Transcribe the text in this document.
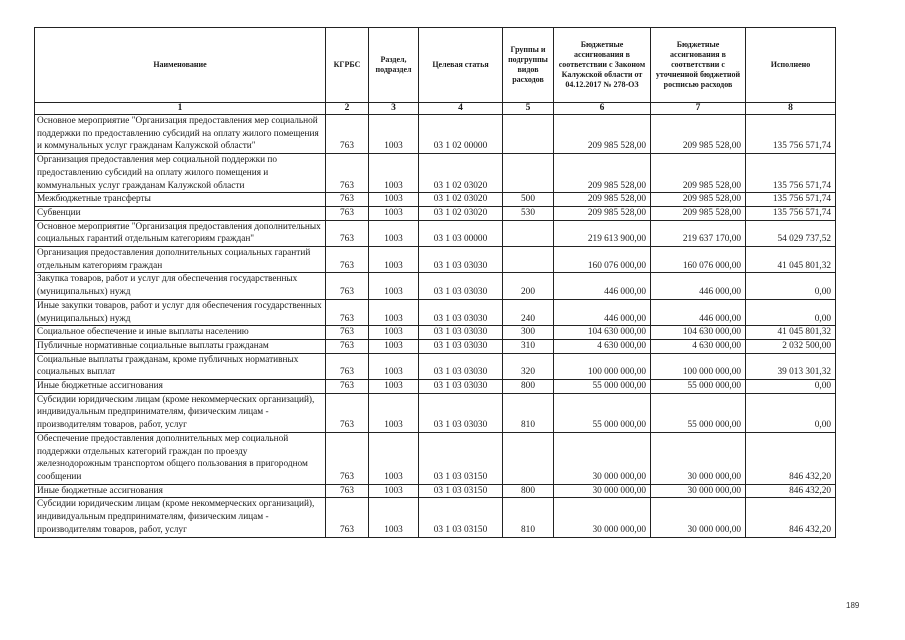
Наименование	КГРБС	Раздел, подраздел	Целевая статья	Группы и подгруппы видов расходов	Бюджетные ассигнования в соответствии с Законом Калужской области от 04.12.2017 № 278-ОЗ	Бюджетные ассигнования в соответствии с уточненной бюджетной росписью расходов	Исполнено
1	2	3	4	5	6	7	8
Основное мероприятие "Организация предоставления мер социальной поддержки по предоставлению субсидий на оплату жилого помещения и коммунальных услуг гражданам Калужской области"	763	1003	03 1 02 00000		209 985 528,00	209 985 528,00	135 756 571,74
Организация предоставления мер социальной поддержки по предоставлению субсидий на оплату жилого помещения и коммунальных услуг гражданам Калужской области	763	1003	03 1 02 03020		209 985 528,00	209 985 528,00	135 756 571,74
Межбюджетные трансферты	763	1003	03 1 02 03020	500	209 985 528,00	209 985 528,00	135 756 571,74
Субвенции	763	1003	03 1 02 03020	530	209 985 528,00	209 985 528,00	135 756 571,74
Основное мероприятие "Организация предоставления дополнительных социальных гарантий отдельным категориям граждан"	763	1003	03 1 03 00000		219 613 900,00	219 637 170,00	54 029 737,52
Организация предоставления дополнительных социальных гарантий отдельным категориям граждан	763	1003	03 1 03 03030		160 076 000,00	160 076 000,00	41 045 801,32
Закупка товаров, работ и услуг для обеспечения государственных (муниципальных) нужд	763	1003	03 1 03 03030	200	446 000,00	446 000,00	0,00
Иные закупки товаров, работ и услуг для обеспечения государственных (муниципальных) нужд	763	1003	03 1 03 03030	240	446 000,00	446 000,00	0,00
Социальное обеспечение и иные выплаты населению	763	1003	03 1 03 03030	300	104 630 000,00	104 630 000,00	41 045 801,32
Публичные нормативные социальные выплаты гражданам	763	1003	03 1 03 03030	310	4 630 000,00	4 630 000,00	2 032 500,00
Социальные выплаты гражданам, кроме публичных нормативных социальных выплат	763	1003	03 1 03 03030	320	100 000 000,00	100 000 000,00	39 013 301,32
Иные бюджетные ассигнования	763	1003	03 1 03 03030	800	55 000 000,00	55 000 000,00	0,00
Субсидии юридическим лицам (кроме некоммерческих организаций), индивидуальным предпринимателям, физическим лицам - производителям товаров, работ, услуг	763	1003	03 1 03 03030	810	55 000 000,00	55 000 000,00	0,00
Обеспечение предоставления дополнительных мер социальной поддержки отдельных категорий граждан по проезду железнодорожным транспортом общего пользования в пригородном сообщении	763	1003	03 1 03 03150		30 000 000,00	30 000 000,00	846 432,20
Иные бюджетные ассигнования	763	1003	03 1 03 03150	800	30 000 000,00	30 000 000,00	846 432,20
Субсидии юридическим лицам (кроме некоммерческих организаций), индивидуальным предпринимателям, физическим лицам - производителям товаров, работ, услуг	763	1003	03 1 03 03150	810	30 000 000,00	30 000 000,00	846 432,20
189
